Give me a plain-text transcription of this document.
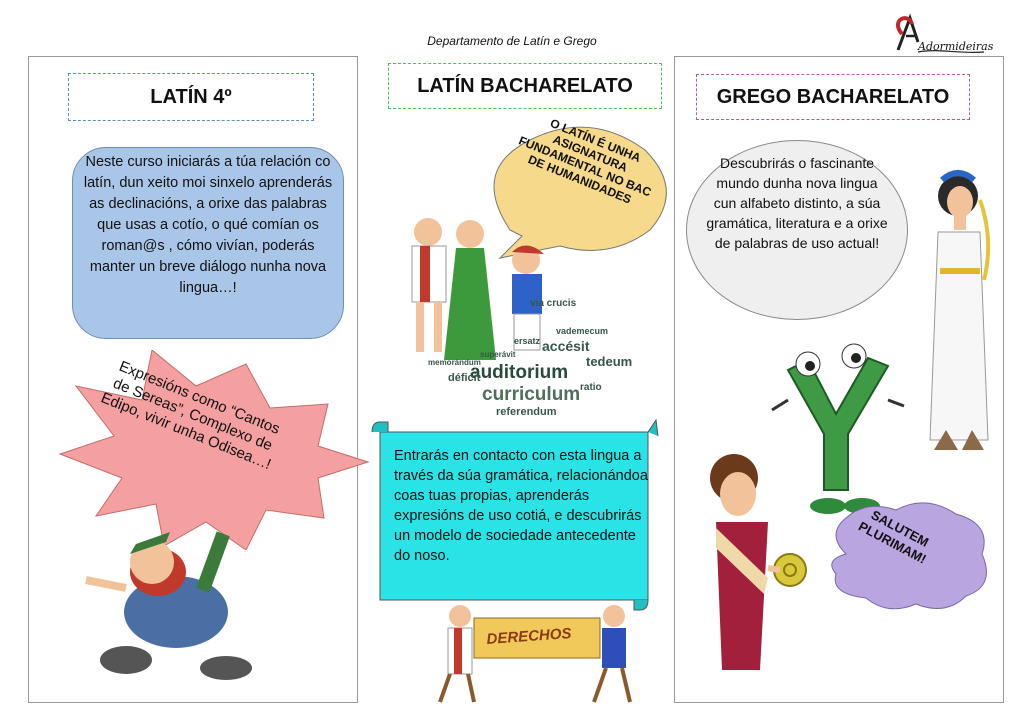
Departamento de Latín e Grego	Adormideiras
LATÍN 4º	LATÍN BACHARELATO	GREGO BACHARELATO
Neste curso iniciarás a túa relación co latín, dun xeito moi sinxelo aprenderás as declinacións, a orixe das palabras que usas a cotío, o qué comían os roman@s , cómo vivían, poderás manter un breve diálogo nunha nova lingua…!
Expresións como “Cantos de Sereas”, Complexo de Edipo, vivir unha Odisea…!
O LATÍN É UNHA ASIGNATURA FUNDAMENTAL NO BAC DE HUMANIDADES
auditorium
curriculum
referendum
déficit
superávit	tedeum
memorándum
ratio
vademecum
ersatz accésit
via crucis
Entrarás en contacto con esta lingua a través da súa gramática, relacionándoa coas tuas propias, aprenderás expresións de uso cotiá, e descubrirás un modelo de sociedade antecedente do noso.
DERECHOS
Descubrirás o fascinante mundo dunha nova lingua cun alfabeto distinto, a súa gramática, literatura e a orixe de palabras de uso actual!
SALUTEM PLURIMAM!
